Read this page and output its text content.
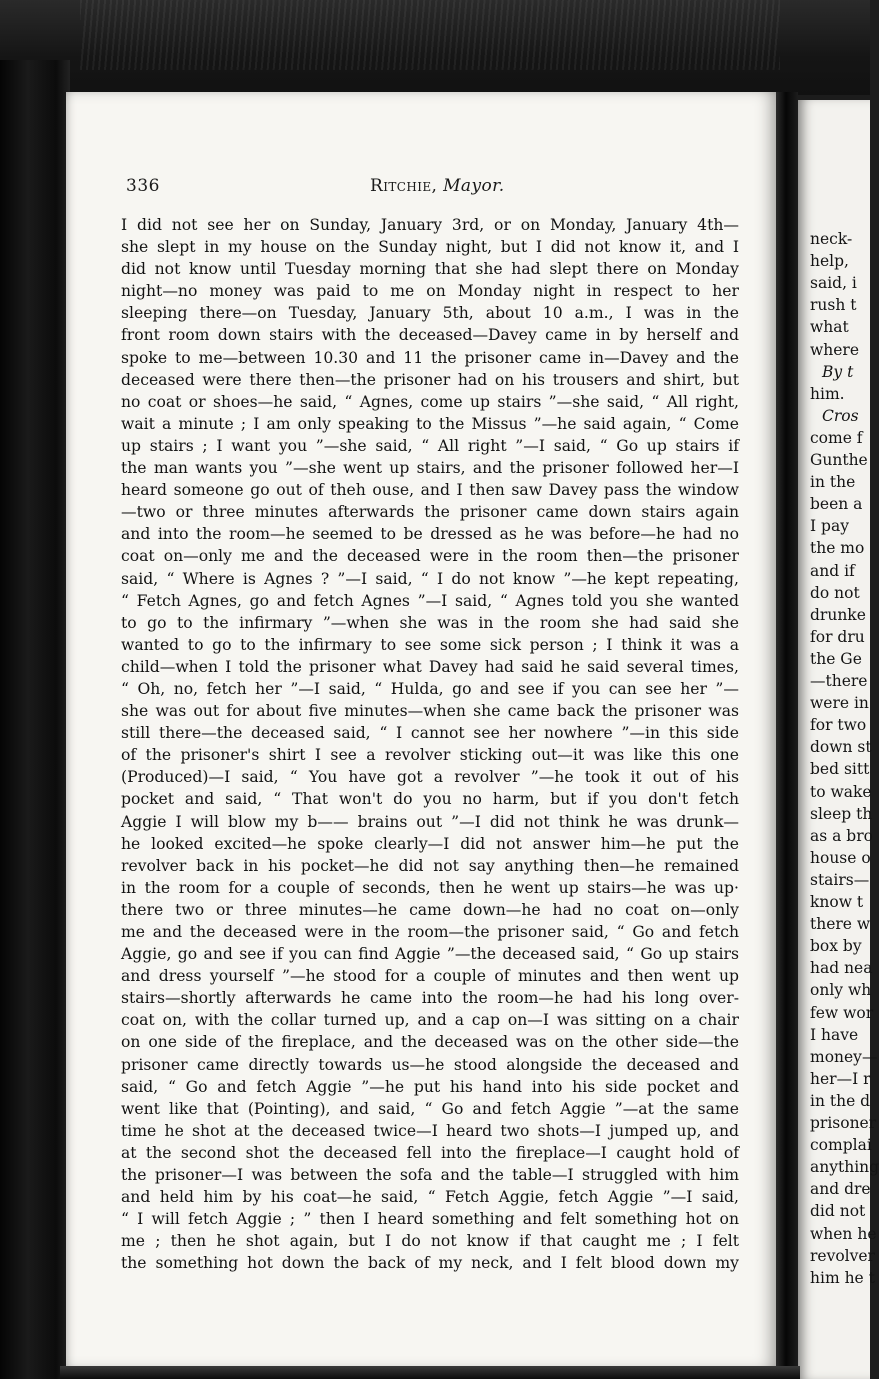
336	Ritchie, Mayor.
I did not see her on Sunday, January 3rd, or on Monday, January 4th—
she slept in my house on the Sunday night, but I did not know it, and I
did not know until Tuesday morning that she had slept there on Monday
night—no money was paid to me on Monday night in respect to her
sleeping there—on Tuesday, January 5th, about 10 a.m., I was in the
front room down stairs with the deceased—Davey came in by herself and
spoke to me—between 10.30 and 11 the prisoner came in—Davey and the
deceased were there then—the prisoner had on his trousers and shirt, but
no coat or shoes—he said, “ Agnes, come up stairs ”—she said, “ All right,
wait a minute ; I am only speaking to the Missus ”—he said again, “ Come
up stairs ; I want you ”—she said, “ All right ”—I said, “ Go up stairs if
the man wants you ”—she went up stairs, and the prisoner followed her—I
heard someone go out of theh ouse, and I then saw Davey pass the window
—two or three minutes afterwards the prisoner came down stairs again
and into the room—he seemed to be dressed as he was before—he had no
coat on—only me and the deceased were in the room then—the prisoner
said, “ Where is Agnes ? ”—I said, “ I do not know ”—he kept repeating,
“ Fetch Agnes, go and fetch Agnes ”—I said, “ Agnes told you she wanted
to go to the infirmary ”—when she was in the room she had said she
wanted to go to the infirmary to see some sick person ; I think it was a
child—when I told the prisoner what Davey had said he said several times,
“ Oh, no, fetch her ”—I said, “ Hulda, go and see if you can see her ”—
she was out for about five minutes—when she came back the prisoner was
still there—the deceased said, “ I cannot see her nowhere ”—in this side
of the prisoner's shirt I see a revolver sticking out—it was like this one
(Produced)—I said, “ You have got a revolver ”—he took it out of his
pocket and said, “ That won't do you no harm, but if you don't fetch
Aggie I will blow my b—— brains out ”—I did not think he was drunk—
he looked excited—he spoke clearly—I did not answer him—he put the
revolver back in his pocket—he did not say anything then—he remained
in the room for a couple of seconds, then he went up stairs—he was up·
there two or three minutes—he came down—he had no coat on—only
me and the deceased were in the room—the prisoner said, “ Go and fetch
Aggie, go and see if you can find Aggie ”—the deceased said, “ Go up stairs
and dress yourself ”—he stood for a couple of minutes and then went up
stairs—shortly afterwards he came into the room—he had his long over-
coat on, with the collar turned up, and a cap on—I was sitting on a chair
on one side of the fireplace, and the deceased was on the other side—the
prisoner came directly towards us—he stood alongside the deceased and
said, “ Go and fetch Aggie ”—he put his hand into his side pocket and
went like that (Pointing), and said, “ Go and fetch Aggie ”—at the same
time he shot at the deceased twice—I heard two shots—I jumped up, and
at the second shot the deceased fell into the fireplace—I caught hold of
the prisoner—I was between the sofa and the table—I struggled with him
and held him by his coat—he said, “ Fetch Aggie, fetch Aggie ”—I said,
“ I will fetch Aggie ; ” then I heard something and felt something hot on
me ; then he shot again, but I do not know if that caught me ; I felt
the something hot down the back of my neck, and I felt blood down my
neck-
help,
said, i
rush t
what
where
By t
him.
Cros
come f
Gunthe
in the
been a
I pay
the mo
and if
do not
drunke
for dru
the Ge
—there
were in
for two
down st
bed sitt
to wake
sleep th
as a bro
house o
stairs—
know t
there w
box by
had nea
only wh
few wor
I have
money—
her—I r
in the d
prisoner
complai
anything
and dre
did not
when he
revolver
him he t
